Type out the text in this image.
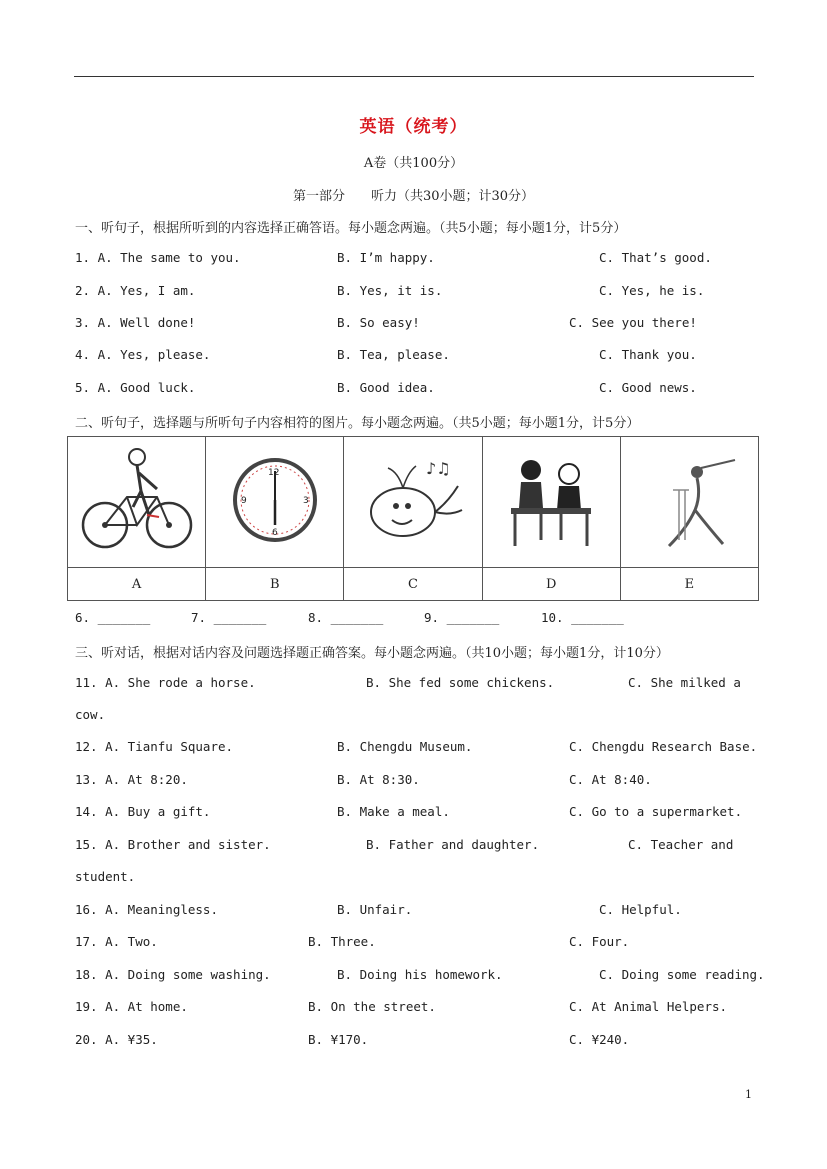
英语（统考）
A卷（共100分）
第一部分　　听力（共30小题；计30分）
一、听句子，根据所听到的内容选择正确答语。每小题念两遍。（共5小题；每小题1分，计5分）
1. A. The same to you.	B. I’m happy.	C. That’s good.
2. A. Yes, I am.	B. Yes, it is.	C. Yes, he is.
3. A. Well done!	B. So easy!	C. See you there!
4. A. Yes, please.	B. Tea, please.	C. Thank you.
5. A. Good luck.	B. Good idea.	C. Good news.
二、听句子，选择题与所听句子内容相符的图片。每小题念两遍。（共5小题；每小题1分，计5分）

12
3
6
9	♪♫

A	B	C	D	E
6. _______	7. _______	8. _______	9. _______	10. _______
三、听对话，根据对话内容及问题选择题正确答案。每小题念两遍。（共10小题；每小题1分，计10分）
11. A. She rode a horse.	B. She fed some chickens.	C. She milked a
cow.
12. A. Tianfu Square.	B. Chengdu Museum.	C. Chengdu Research Base.
13. A. At 8:20.	B. At 8:30.	C. At 8:40.
14. A. Buy a gift.	B. Make a meal.	C. Go to a supermarket.
15. A. Brother and sister.	B. Father and daughter.	C. Teacher and
student.
16. A. Meaningless.	B. Unfair.	C. Helpful.
17. A. Two.	B. Three.	C. Four.
18. A. Doing some washing.	B. Doing his homework.	C. Doing some reading.
19. A. At home.	B. On the street.	C. At Animal Helpers.
20. A. ¥35.	B. ¥170.	C. ¥240.
1
